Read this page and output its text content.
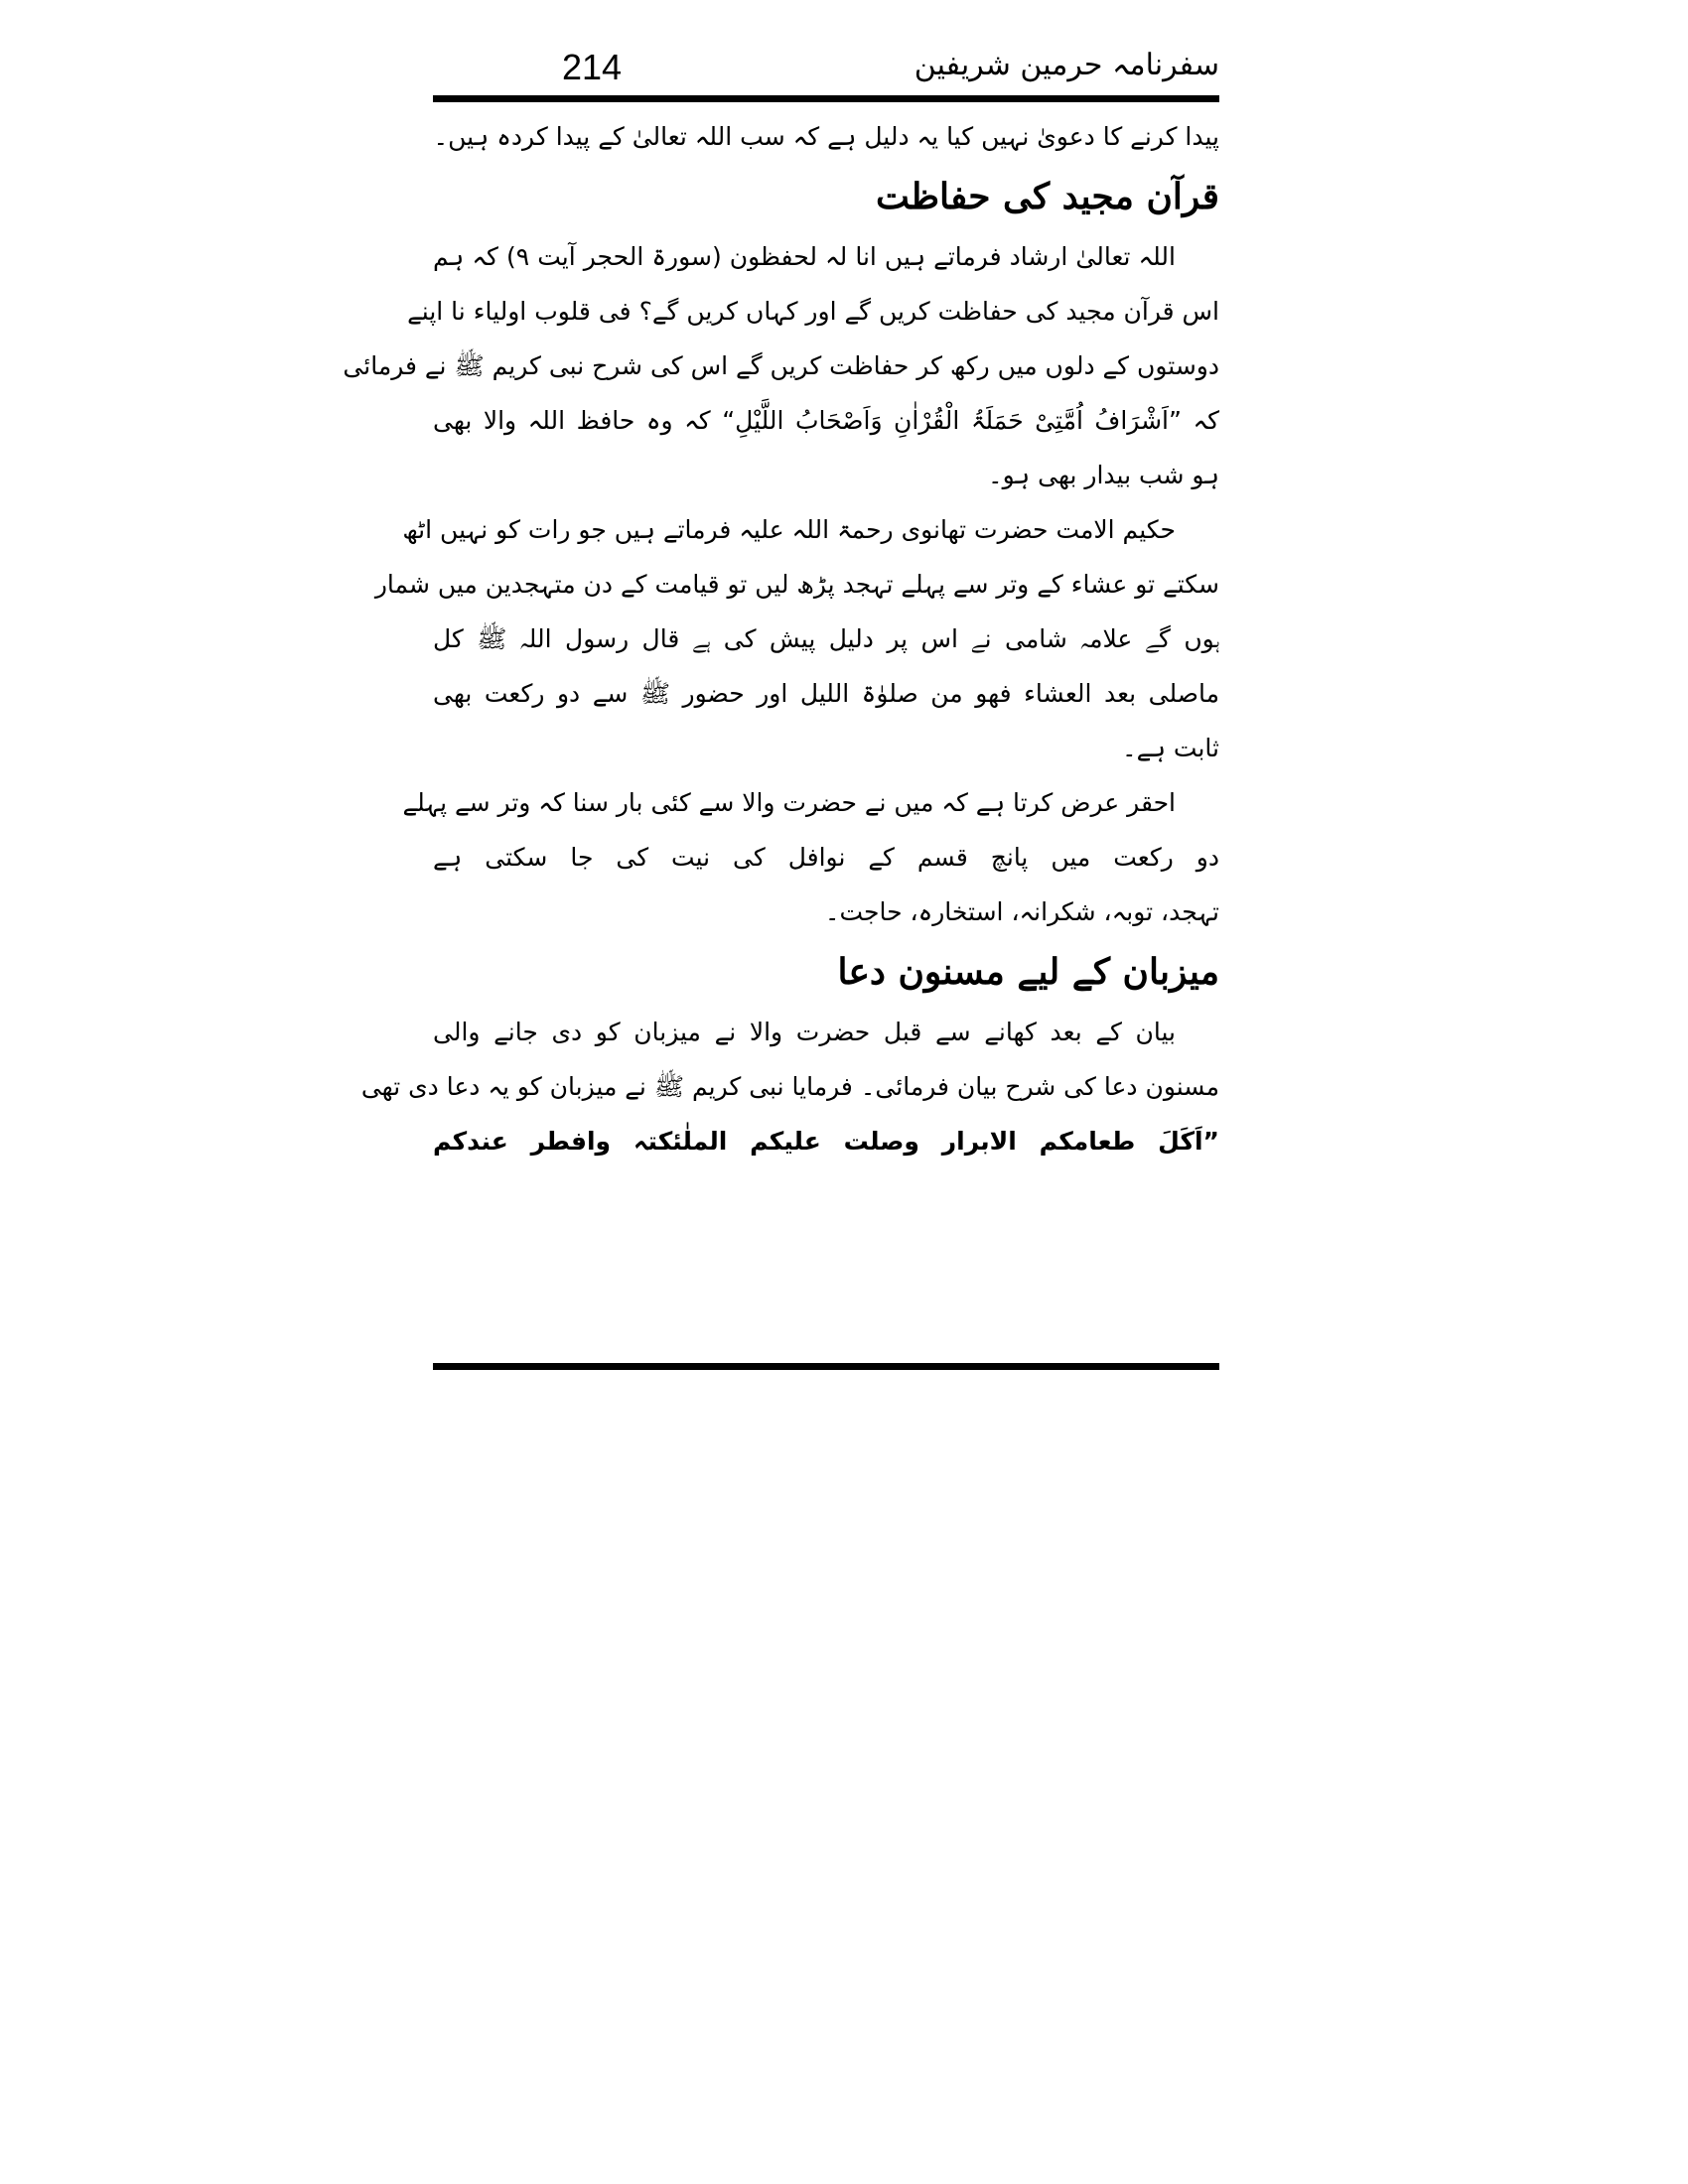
214	سفرنامہ حرمین شریفین
پیدا کرنے کا دعویٰ نہیں کیا یہ دلیل ہے کہ سب اللہ تعالیٰ کے پیدا کردہ ہیں۔
قرآن مجید کی حفاظت
اللہ تعالیٰ ارشاد فرماتے ہیں انا لہ لحفظون (سورۃ الحجر آیت ۹) کہ ہم
اس قرآن مجید کی حفاظت کریں گے اور کہاں کریں گے؟ فی قلوب اولیاء نا اپنے
دوستوں کے دلوں میں رکھ کر حفاظت کریں گے اس کی شرح نبی کریم ﷺ نے فرمائی
کہ ”اَشْرَافُ اُمَّتِیْ حَمَلَۃُ الْقُرْاٰنِ وَاَصْحَابُ اللَّیْلِ“ کہ وہ حافظ اللہ والا بھی
ہو شب بیدار بھی ہو۔
حکیم الامت حضرت تھانوی رحمۃ اللہ علیہ فرماتے ہیں جو رات کو نہیں اٹھ
سکتے تو عشاء کے وتر سے پہلے تہجد پڑھ لیں تو قیامت کے دن متہجدین میں شمار
ہوں گے علامہ شامی نے اس پر دلیل پیش کی ہے قال رسول اللہ ﷺ کل
ماصلی بعد العشاء فھو من صلوٰۃ اللیل اور حضور ﷺ سے دو رکعت بھی
ثابت ہے۔
احقر عرض کرتا ہے کہ میں نے حضرت والا سے کئی بار سنا کہ وتر سے پہلے
دو رکعت میں پانچ قسم کے نوافل کی نیت کی جا سکتی ہے
تہجد، توبہ، شکرانہ، استخارہ، حاجت۔
میزبان کے لیے مسنون دعا
بیان کے بعد کھانے سے قبل حضرت والا نے میزبان کو دی جانے والی
مسنون دعا کی شرح بیان فرمائی۔ فرمایا نبی کریم ﷺ نے میزبان کو یہ دعا دی تھی
”اَکَلَ طعامکم الابرار وصلت علیکم الملٰئکتہ وافطر عندکم
